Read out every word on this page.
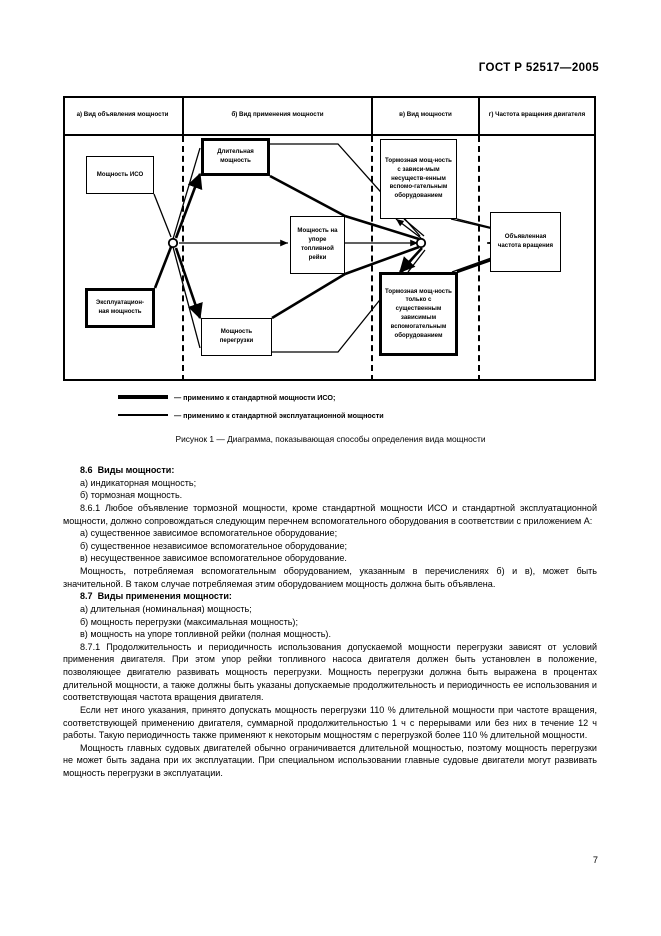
ГОСТ Р 52517—2005
а) Вид объявления мощности	б) Вид применения мощности	в) Вид мощности	г) Частота вращения двигателя
Мощность ИСО
Эксплуатацион-ная мощность
Длительная мощность
Мощность на упоре топливной рейки
Мощность перегрузки
Тормозная мощ-ность с зависи-мым несуществ-енным вспомо-гательным оборудованием
Тормозная мощ-ность только с существенным зависимым вспомогательным оборудованием
Объявленная частота вращения
— применимо к стандартной мощности ИСО;
— применимо к стандартной эксплуатационной мощности
Рисунок 1 — Диаграмма, показывающая способы определения вида мощности

8.6 Виды мощности:

а) индикаторная мощность;

б) тормозная мощность.

8.6.1 Любое объявление тормозной мощности, кроме стандартной мощности ИСО и стандартной эксплуатационной мощности, должно сопровождаться следующим перечнем вспомогательного оборудования в соответствии с приложением А:

а) существенное зависимое вспомогательное оборудование;

б) существенное независимое вспомогательное оборудование;

в) несущественное зависимое вспомогательное оборудование.

Мощность, потребляемая вспомогательным оборудованием, указанным в перечислениях б) и в), может быть значительной. В таком случае потребляемая этим оборудованием мощность должна быть объявлена.

8.7 Виды применения мощности:

а) длительная (номинальная) мощность;

б) мощность перегрузки (максимальная мощность);

в) мощность на упоре топливной рейки (полная мощность).

8.7.1 Продолжительность и периодичность использования допускаемой мощности перегрузки зависят от условий применения двигателя. При этом упор рейки топливного насоса двигателя должен быть установлен в положение, позволяющее двигателю развивать мощность перегрузки. Мощность перегрузки должна быть выражена в процентах длительной мощности, а также должны быть указаны допускаемые продолжительность и периодичность ее использования и соответствующая частота вращения двигателя.

Если нет иного указания, принято допускать мощность перегрузки 110 % длительной мощности при частоте вращения, соответствующей применению двигателя, суммарной продолжительностью 1 ч с перерывами или без них в течение 12 ч работы. Такую периодичность также применяют к некоторым мощностям с перегрузкой более 110 % длительной мощности.

Мощность главных судовых двигателей обычно ограничивается длительной мощностью, поэтому мощность перегрузки не может быть задана при их эксплуатации. При специальном использовании главные судовые двигатели могут развивать мощность перегрузки в эксплуатации.

7
